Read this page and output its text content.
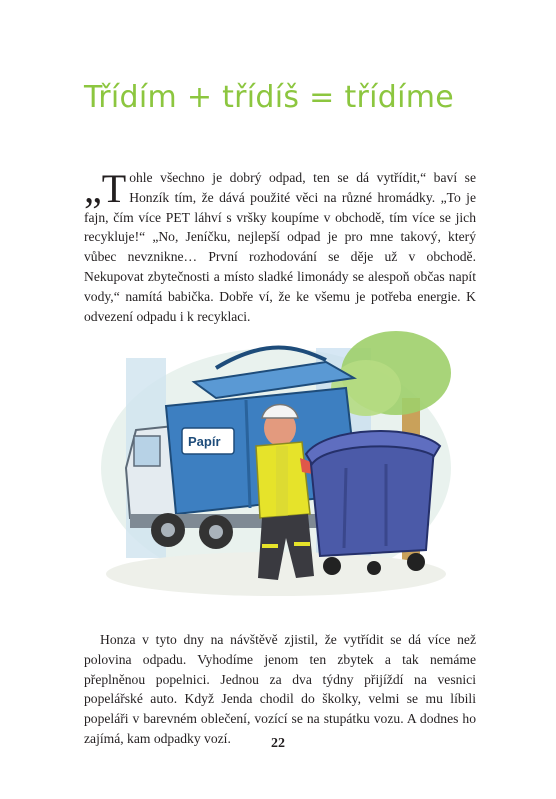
Třídím + třídíš = třídíme

„Tohle všechno je dobrý odpad, ten se dá vytřídit,“ baví se Honzík tím, že dává použité věci na různé hromádky. „To je fajn, čím více PET láhví s vršky koupíme v obchodě, tím více se jich recykluje!“ „No, Jeníčku, nejlepší odpad je pro mne takový, který vůbec nevznikne… První rozhodování se děje už v obchodě. Nekupovat zbytečnosti a místo sladké limonády se alespoň občas napít vody,“ namítá babička. Dobře ví, že ke všemu je potřeba energie. K odvezení odpadu i k recyklaci.

Papír

Honza v tyto dny na návštěvě zjistil, že vytřídit se dá více než polovina odpadu. Vyhodíme jenom ten zbytek a tak nemáme přeplněnou popelnici. Jednou za dva týdny přijíždí na vesnici popelářské auto. Když Jenda chodil do školky, velmi se mu líbili popeláři v barevném oblečení, vozící se na stupátku vozu. A dodnes ho zajímá, kam odpadky vozí.	22
